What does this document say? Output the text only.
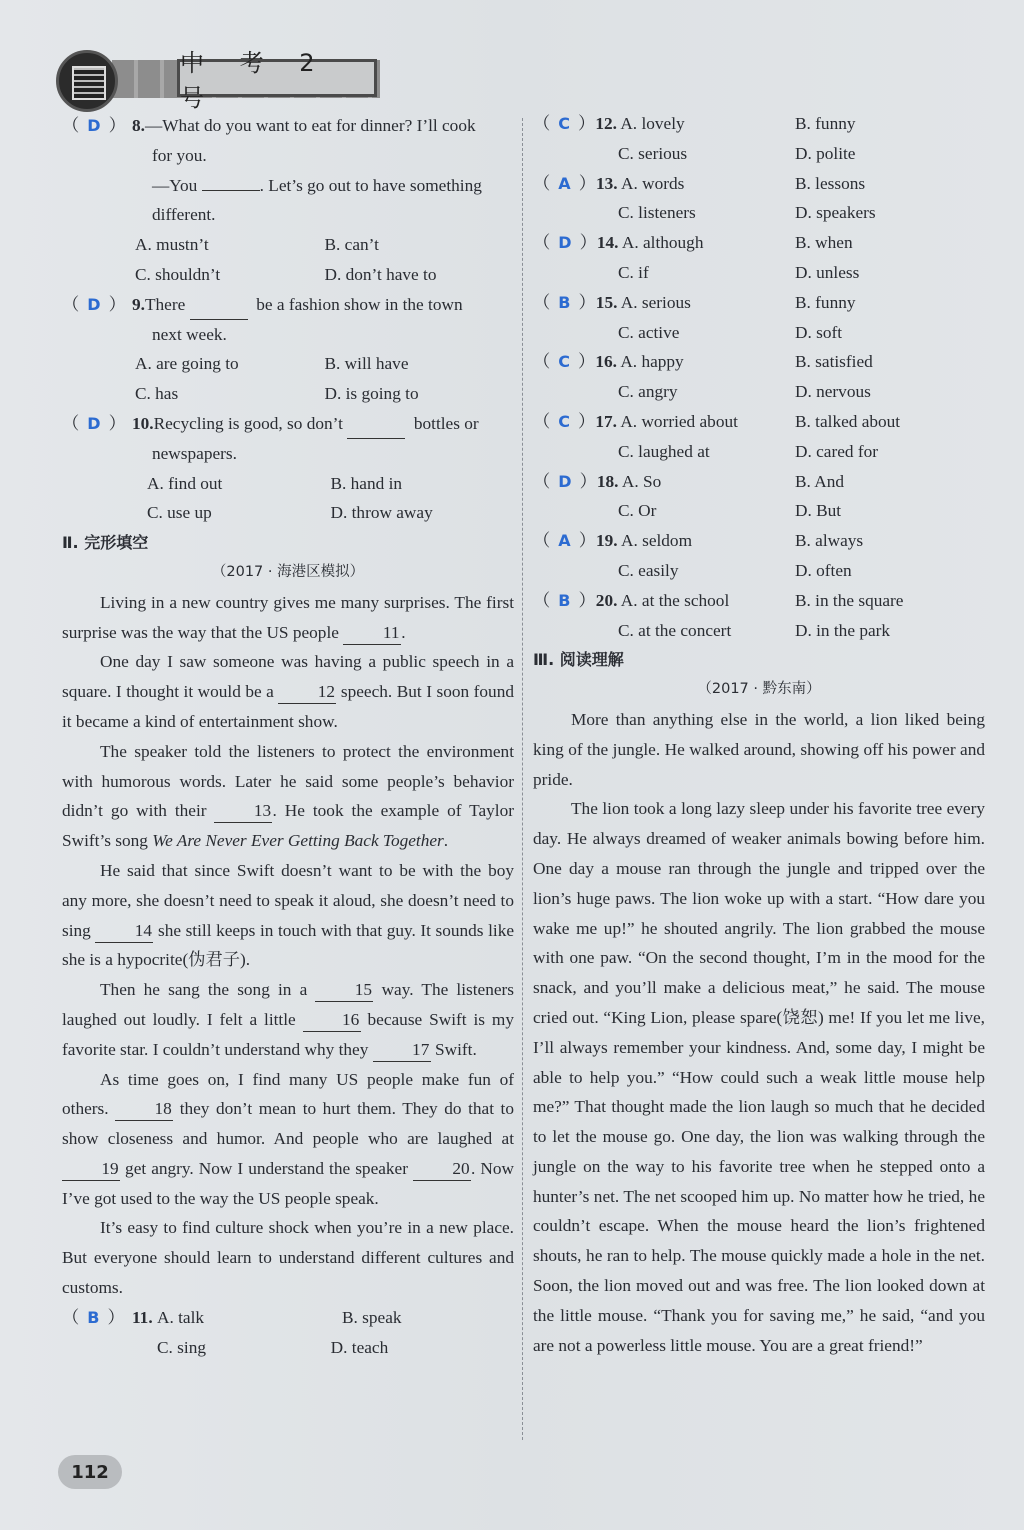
中 考 2 号
（ D ） 8. —What do you want to eat for dinner? I’ll cook
for you.
—You	. Let’s go out to have something
different.
A. mustn’t	B. can’t
C. shouldn’t	D. don’t have to
（ D ） 9. There

	be a fashion show in the town
next week.
A. are going to	B. will have
C. has	D. is going to
（ D ） 10. Recycling is good, so don’t

	bottles or
newspapers.
A. find out	B. hand in
C. use up	D. throw away
Ⅱ. 完形填空
（2017 · 海港区模拟）
Living in a new country gives me many surprises. The first surprise was the way that the US people	11.
One day I saw someone was having a public speech in a square. I thought it would be a	12 speech. But I soon found it became a kind of entertainment show.
The speaker told the listeners to protect the environment with humorous words. Later he said some people’s behavior didn’t go with their	13. He took the example of Taylor Swift’s song We Are Never Ever Getting Back Together.
He said that since Swift doesn’t want to be with the boy any more, she doesn’t need to speak it aloud, she doesn’t need to sing	14 she still keeps in touch with that guy. It sounds like she is a hypocrite(伪君子).
Then he sang the song in a	15 way. The listeners laughed out loudly. I felt a little	16 because Swift is my favorite star. I couldn’t understand why they	17 Swift.
As time goes on, I find many US people make fun of others.	18 they don’t mean to hurt them. They do that to show closeness and humor. And people who are laughed at 19 get angry. Now I understand the speaker	20. Now I’ve got used to the way the US people speak.
It’s easy to find culture shock when you’re in a new place. But everyone should learn to understand different cultures and customs.
（ B ） 11.
A. talk	B. speak
C. sing	D. teach
（ C ）12. A. lovely	B. funny
C. serious	D. polite
（ A ）13. A. words	B. lessons
C. listeners	D. speakers
（ D ）14. A. although	B. when
C. if	D. unless
（ B ）15. A. serious	B. funny
C. active	D. soft
（ C ）16. A. happy	B. satisfied
C. angry	D. nervous
（ C ）17. A. worried about	B. talked about
C. laughed at	D. cared for
（ D ）18. A. So	B. And
C. Or	D. But
（ A ）19. A. seldom	B. always
C. easily	D. often
（ B ）20. A. at the school	B. in the square
C. at the concert	D. in the park
Ⅲ. 阅读理解
（2017 · 黔东南）
More than anything else in the world, a lion liked being king of the jungle. He walked around, showing off his power and pride.
The lion took a long lazy sleep under his favorite tree every day. He always dreamed of weaker animals bowing before him. One day a mouse ran through the jungle and tripped over the lion’s huge paws. The lion woke up with a start. “How dare you wake me up!” he shouted angrily. The lion grabbed the mouse with one paw. “On the second thought, I’m in the mood for the snack, and you’ll make a delicious meat,” he said. The mouse cried out. “King Lion, please spare(饶恕) me! If you let me live, I’ll always remember your kindness. And, some day, I might be able to help you.” “How could such a weak little mouse help me?” That thought made the lion laugh so much that he decided to let the mouse go. One day, the lion was walking through the jungle on the way to his favorite tree when he stepped onto a hunter’s net. The net scooped him up. No matter how he tried, he couldn’t escape. When the mouse heard the lion’s frightened shouts, he ran to help. The mouse quickly made a hole in the net. Soon, the lion moved out and was free. The lion looked down at the little mouse. “Thank you for saving me,” he said, “and you are not a powerless little mouse. You are a great friend!”
112
